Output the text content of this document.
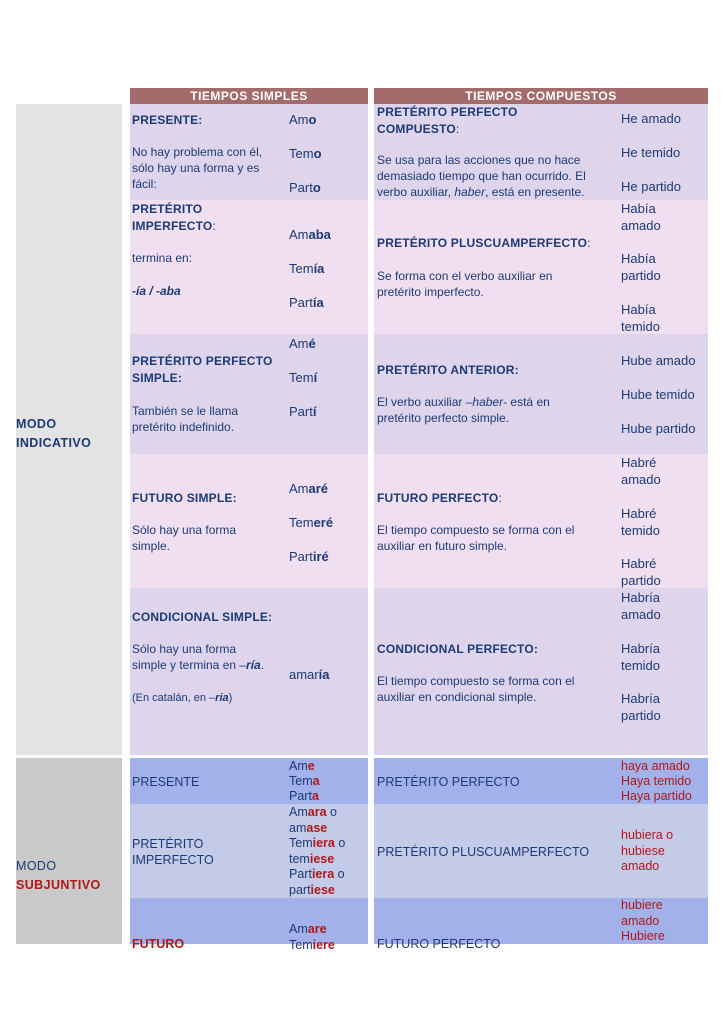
TIEMPOS SIMPLES	TIEMPOS COMPUESTOS
MODO
INDICATIVO
MODO
SUBJUNTIVO
PRESENTE:
No hay problema con él,
sólo hay una forma y es
fácil:
Amo
Temo
Parto
PRETÉRITO PERFECTO
COMPUESTO:
Se usa para las acciones que no hace
demasiado tiempo que han ocurrido. El
verbo auxiliar, haber, está en presente.
He amado
He temido
He partido
PRETÉRITO
IMPERFECTO:
termina en:
-ía / -aba
Amaba
Temía
Partía
PRETÉRITO PLUSCUAMPERFECTO:
Se forma con el verbo auxiliar en
pretérito imperfecto.
Había
amado
Había
partido
Había
temido
PRETÉRITO PERFECTO
SIMPLE:
También se le llama
pretérito indefinido.
Amé
Temí
Partí
PRETÉRITO ANTERIOR:
El verbo auxiliar –haber- está en
pretérito perfecto simple.
Hube amado
Hube temido
Hube partido
FUTURO SIMPLE:
Sólo hay una forma
simple.
Amaré
Temeré
Partiré
FUTURO PERFECTO:
El tiempo compuesto se forma con el
auxiliar en futuro simple.
Habré
amado
Habré
temido
Habré
partido
CONDICIONAL SIMPLE:
Sólo hay una forma
simple y termina en –ría.
(En catalán, en –ria)
amaría
CONDICIONAL PERFECTO:
El tiempo compuesto se forma con el
auxiliar en condicional simple.
Habría
amado
Habría
temido
Habría
partido
PRESENTE
Ame
Tema
Parta
PRETÉRITO PERFECTO
haya amado
Haya temido
Haya partido
PRETÉRITO
IMPERFECTO
Amara o
amase
Temiera o
temiese
Partiera o
partiese
PRETÉRITO PLUSCUAMPERFECTO
hubiera o
hubiese
amado
FUTURO
Amare
Temiere	FUTURO PERFECTO
hubiere
amado
Hubiere
